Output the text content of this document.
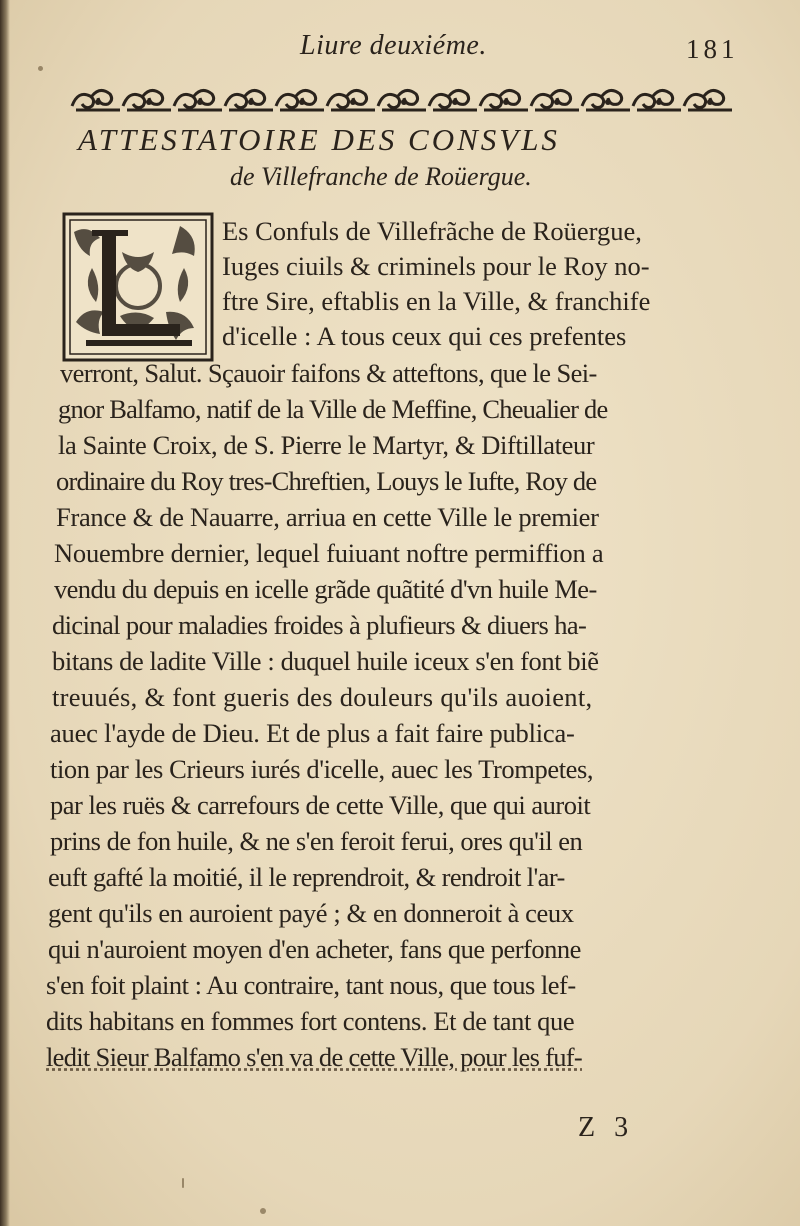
Liure deuxiéme.	181
ATTESTATOIRE DES CONSVLS
de Villefranche de Roüergue.
L
Es Confuls de Villefrãche de Roüergue,
Iuges ciuils & criminels pour le Roy no-
ftre Sire, eftablis en la Ville, & franchife
d'icelle : A tous ceux qui ces prefentes
verront, Salut. Sçauoir faifons & atteftons, que le Sei-
gnor Balfamo, natif de la Ville de Meffine, Cheualier de
la Sainte Croix, de S. Pierre le Martyr, & Diftillateur
ordinaire du Roy tres-Chreftien, Louys le Iufte, Roy de
France & de Nauarre, arriua en cette Ville le premier
Nouembre dernier, lequel fuiuant noftre permiffion a
vendu du depuis en icelle grãde quãtité d'vn huile Me-
dicinal pour maladies froides à plufieurs & diuers ha-
bitans de ladite Ville : duquel huile iceux s'en font biẽ
treuués, & font gueris des douleurs qu'ils auoient,
auec l'ayde de Dieu. Et de plus a fait faire publica-
tion par les Crieurs iurés d'icelle, auec les Trompetes,
par les ruës & carrefours de cette Ville, que qui auroit
prins de fon huile, & ne s'en feroit ferui, ores qu'il en
euft gafté la moitié, il le reprendroit, & rendroit l'ar-
gent qu'ils en auroient payé ; & en donneroit à ceux
qui n'auroient moyen d'en acheter, fans que perfonne
s'en foit plaint : Au contraire, tant nous, que tous lef-
dits habitans en fommes fort contens. Et de tant que
ledit Sieur Balfamo s'en va de cette Ville, pour les fuf-
Z 3
